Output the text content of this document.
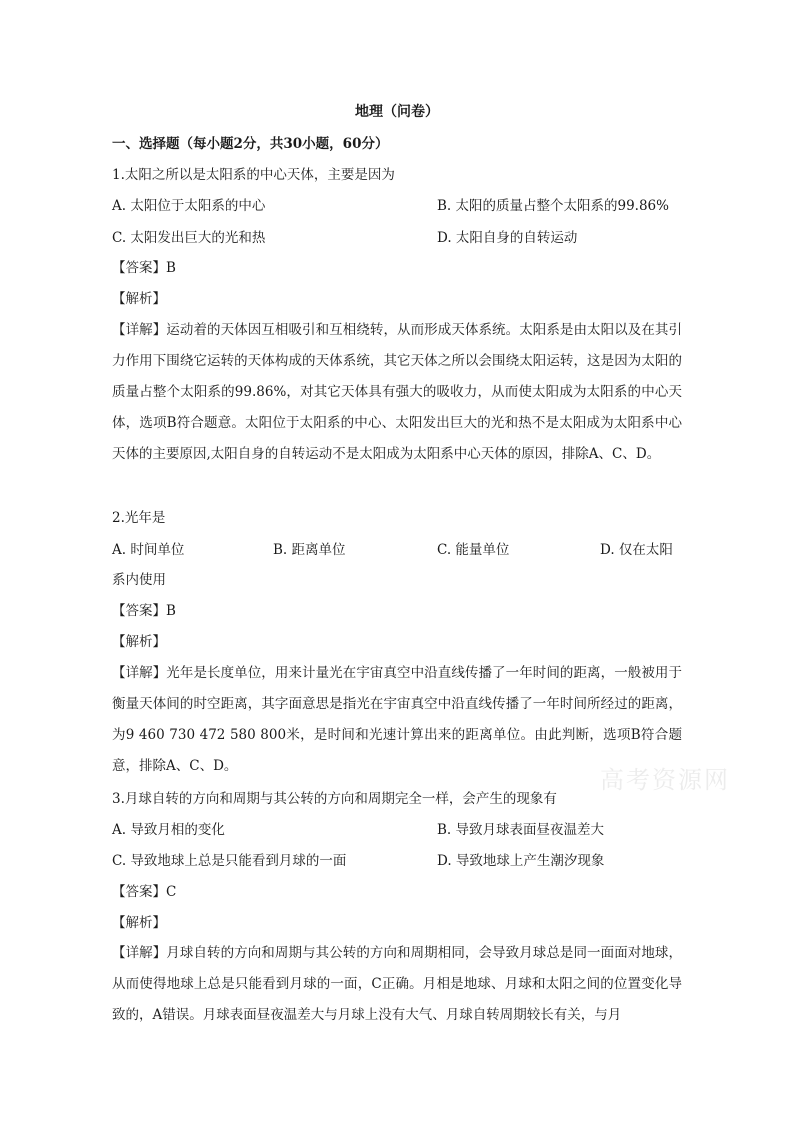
高考资源网
地理（问卷）
一、选择题（每小题2分，共30小题，60分）
1.太阳之所以是太阳系的中心天体，主要是因为
A. 太阳位于太阳系的中心	B. 太阳的质量占整个太阳系的99.86%
C. 太阳发出巨大的光和热	D. 太阳自身的自转运动
【答案】B
【解析】
【详解】运动着的天体因互相吸引和互相绕转，从而形成天体系统。太阳系是由太阳以及在其引力作用下围绕它运转的天体构成的天体系统，其它天体之所以会围绕太阳运转，这是因为太阳的质量占整个太阳系的99.86%，对其它天体具有强大的吸收力，从而使太阳成为太阳系的中心天体，选项B符合题意。太阳位于太阳系的中心、太阳发出巨大的光和热不是太阳成为太阳系中心天体的主要原因,太阳自身的自转运动不是太阳成为太阳系中心天体的原因，排除A、C、D。
2.光年是
A. 时间单位	B. 距离单位	C. 能量单位	D. 仅在太阳
系内使用
【答案】B
【解析】
【详解】光年是长度单位，用来计量光在宇宙真空中沿直线传播了一年时间的距离，一般被用于衡量天体间的时空距离，其字面意思是指光在宇宙真空中沿直线传播了一年时间所经过的距离，为9 460 730 472 580 800米，是时间和光速计算出来的距离单位。由此判断，选项B符合题意，排除A、C、D。
3.月球自转的方向和周期与其公转的方向和周期完全一样，会产生的现象有
A. 导致月相的变化	B. 导致月球表面昼夜温差大
C. 导致地球上总是只能看到月球的一面	D. 导致地球上产生潮汐现象
【答案】C
【解析】
【详解】月球自转的方向和周期与其公转的方向和周期相同，会导致月球总是同一面面对地球，从而使得地球上总是只能看到月球的一面，C正确。月相是地球、月球和太阳之间的位置变化导致的，A错误。月球表面昼夜温差大与月球上没有大气、月球自转周期较长有关，与月
